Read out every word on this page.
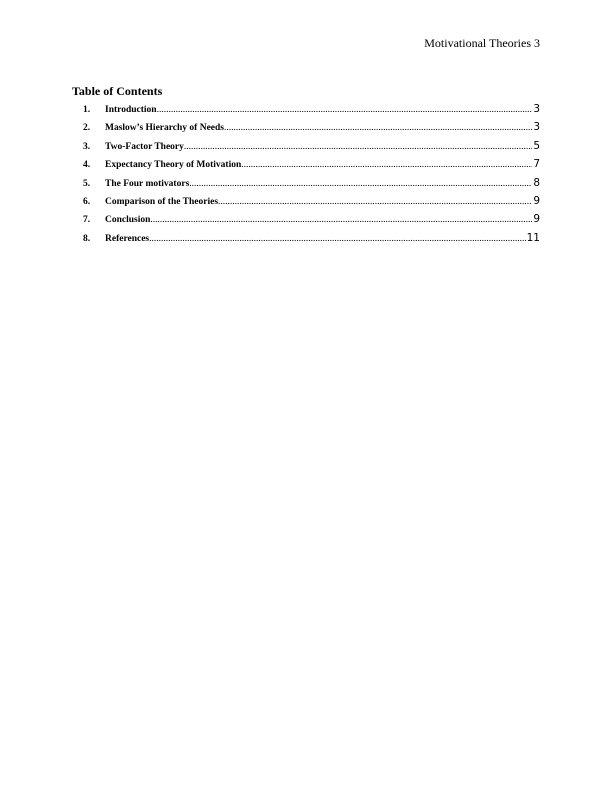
Motivational Theories 3

Table of Contents

1.	Introduction .....	3
2.	Maslow’s Hierarchy of Needs .....	3
3.	Two-Factor Theory .....	5
4.	Expectancy Theory of Motivation .....	7
5.	The Four motivators .....	8
6.	Comparison of the Theories .....	9
7.	Conclusion .....	9
8.	References .....	11
